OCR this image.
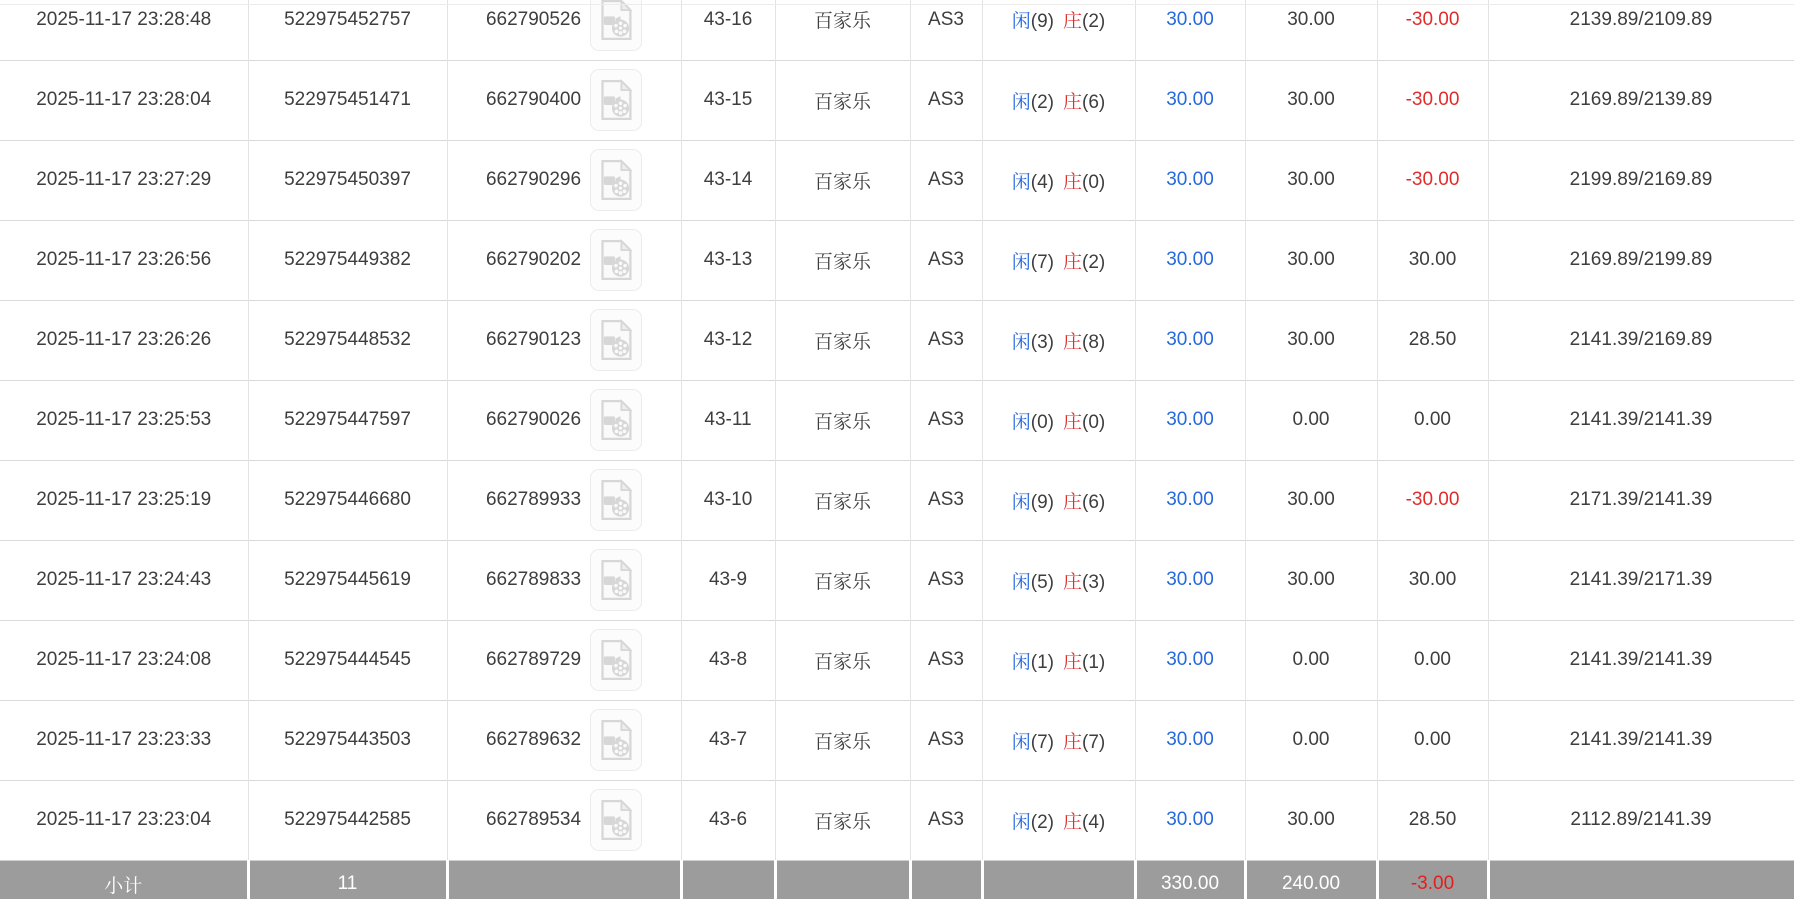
2025-11-17 23:28:48	522975452757	662790526	43-16	百家乐	AS3	闲(9) 庄(2)	30.00	30.00	-30.00	2139.89/2109.89
2025-11-17 23:28:04	522975451471	662790400	43-15	百家乐	AS3	闲(2) 庄(6)	30.00	30.00	-30.00	2169.89/2139.89
2025-11-17 23:27:29	522975450397	662790296	43-14	百家乐	AS3	闲(4) 庄(0)	30.00	30.00	-30.00	2199.89/2169.89
2025-11-17 23:26:56	522975449382	662790202	43-13	百家乐	AS3	闲(7) 庄(2)	30.00	30.00	30.00	2169.89/2199.89
2025-11-17 23:26:26	522975448532	662790123	43-12	百家乐	AS3	闲(3) 庄(8)	30.00	30.00	28.50	2141.39/2169.89
2025-11-17 23:25:53	522975447597	662790026	43-11	百家乐	AS3	闲(0) 庄(0)	30.00	0.00	0.00	2141.39/2141.39
2025-11-17 23:25:19	522975446680	662789933	43-10	百家乐	AS3	闲(9) 庄(6)	30.00	30.00	-30.00	2171.39/2141.39
2025-11-17 23:24:43	522975445619	662789833	43-9	百家乐	AS3	闲(5) 庄(3)	30.00	30.00	30.00	2141.39/2171.39
2025-11-17 23:24:08	522975444545	662789729	43-8	百家乐	AS3	闲(1) 庄(1)	30.00	0.00	0.00	2141.39/2141.39
2025-11-17 23:23:33	522975443503	662789632	43-7	百家乐	AS3	闲(7) 庄(7)	30.00	0.00	0.00	2141.39/2141.39
2025-11-17 23:23:04	522975442585	662789534	43-6	百家乐	AS3	闲(2) 庄(4)	30.00	30.00	28.50	2112.89/2141.39
小计	11						330.00	240.00	-3.00	
